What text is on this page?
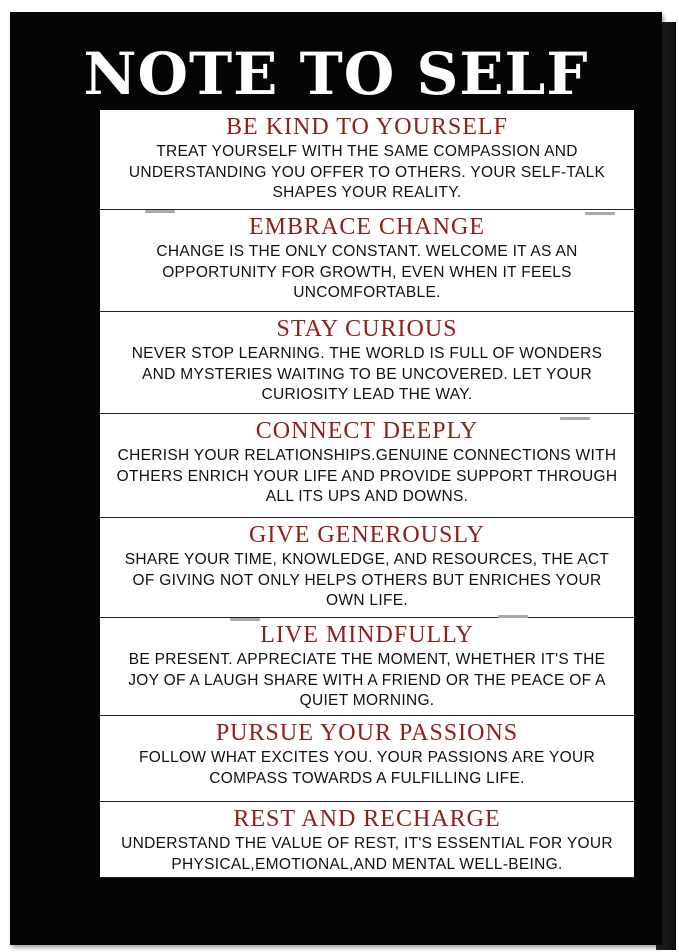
NOTE TO SELF
BE KIND TO YOURSELF
TREAT YOURSELF WITH THE SAME COMPASSION AND UNDERSTANDING YOU OFFER TO OTHERS. YOUR SELF-TALK SHAPES YOUR REALITY.
EMBRACE CHANGE
CHANGE IS THE ONLY CONSTANT. WELCOME IT AS AN OPPORTUNITY FOR GROWTH, EVEN WHEN IT FEELS UNCOMFORTABLE.
STAY CURIOUS
NEVER STOP LEARNING. THE WORLD IS FULL OF WONDERS AND MYSTERIES WAITING TO BE UNCOVERED. LET YOUR CURIOSITY LEAD THE WAY.
CONNECT DEEPLY
CHERISH YOUR RELATIONSHIPS.GENUINE CONNECTIONS WITH OTHERS ENRICH YOUR LIFE AND PROVIDE SUPPORT THROUGH ALL ITS UPS AND DOWNS.
GIVE GENEROUSLY
SHARE YOUR TIME, KNOWLEDGE, AND RESOURCES, THE ACT OF GIVING NOT ONLY HELPS OTHERS BUT ENRICHES YOUR OWN LIFE.
LIVE MINDFULLY
BE PRESENT. APPRECIATE THE MOMENT, WHETHER IT'S THE JOY OF A LAUGH SHARE WITH A FRIEND OR THE PEACE OF A QUIET MORNING.
PURSUE YOUR PASSIONS
FOLLOW WHAT EXCITES YOU. YOUR PASSIONS ARE YOUR COMPASS TOWARDS A FULFILLING LIFE.
REST AND RECHARGE
UNDERSTAND THE VALUE OF REST, IT'S ESSENTIAL FOR YOUR PHYSICAL,EMOTIONAL,AND MENTAL WELL-BEING.
